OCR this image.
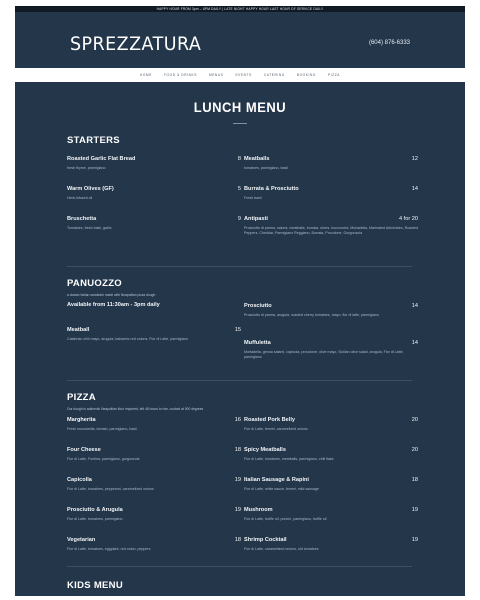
HAPPY HOUR FROM 3pm – 6PM DAILY | LATE NIGHT HAPPY HOUR LAST HOUR OF SERVICE DAILY
SPREZZATURA	(604) 876-6333
HOME	FOOD & DRINKS	MENUS	EVENTS	CATERING	BOOKING	PIZZA
LUNCH MENU
STARTERS
Roasted Garlic Flat Bread	8
fresh thyme, parmigiano
Meatballs	12
tomatoes, parmigiano, basil
Warm Olives (GF)	5
Herb-infused oil
Burrata & Prosciutto	14
Fresh basil
Bruschetta	9
Tomatoes, fresh basil, garlic
Antipasti	4 for 20
Prosciutto di parma, salumi, meatballs, burrata, olives, bocconcini, Mortadella, Marinated Artichokes, Roasted Peppers, Cheddar, Parmigiano Reggiano, Burrata, Provolone, Gorgonzola
PANUOZZO
a classic Italian sandwich made with Neapolitan pizza dough
Available from 11:30am - 3pm daily	Prosciutto	14
Prosciutto di parma, arugula, roasted cherry tomatoes, mayo, fior di latte, parmigiano
Meatball	15
Calabrian chili mayo, arugula, balsamic red onions, Fior di Latte, parmigiano
Muffuletta	14
Mortadella, genoa salami, capicola, provolone, olive mayo, Sicilian olive salad, arugula, Fior di Latte, parmigiano
PIZZA
Our dough is authentic Neapolitan flour imported, left 48 hours to rise, cooked at 900 degrees
Margherita	16
Fresh mozzarella, tomato, parmigiano, basil
Roasted Pork Belly	20
Fior di Latte, fennel, caramelized onions
Four Cheese	18
Fior di Latte, Fontina, parmigiano, gorgonzola
Spicy Meatballs	20
Fior di Latte, tomatoes, meatballs, parmigiano, chili flake
Capicolla	19
Fior di Latte, tomatoes, pepperoni, caramelized onions
Italian Sausage & Rapini	18
Fior di Latte, white sauce, fennel, mild sausage
Prosciutto & Arugula	19
Fior di Latte, tomatoes, parmigiano
Mushroom	19
Fior di Latte, truffle oil, porcini, parmigiano, truffle oil
Vegetarian	18
Fior di Latte, tomatoes, eggplant, red onion, peppers
Shrimp Cocktail	19
Fior di Latte, caramelized onions, old tomatoes
KIDS MENU
